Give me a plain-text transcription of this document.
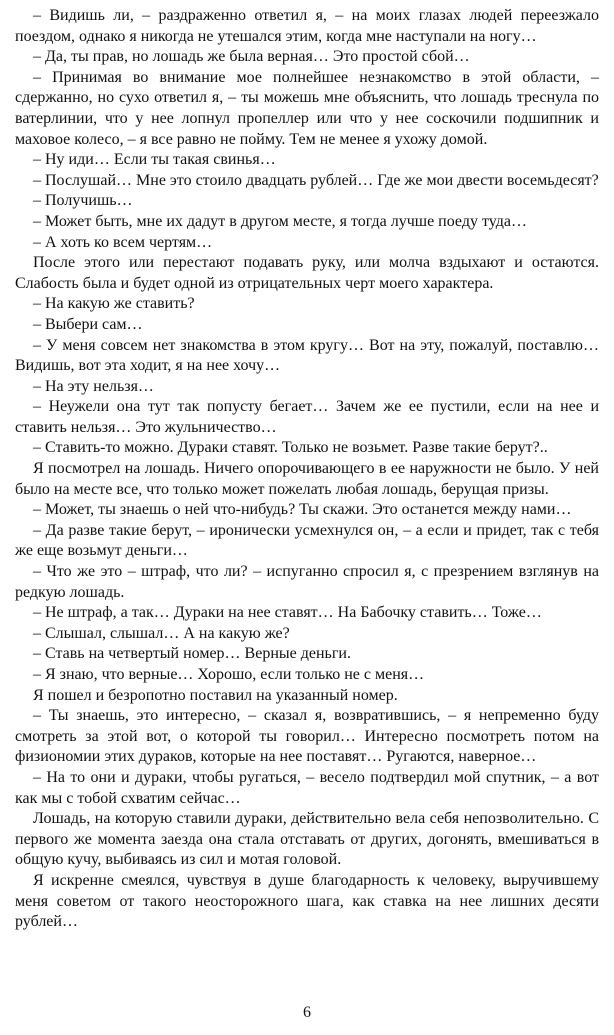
– Видишь ли, – раздраженно ответил я, – на моих глазах людей переезжало поездом, однако я никогда не утешался этим, когда мне наступали на ногу…

– Да, ты прав, но лошадь же была верная… Это простой сбой…

– Принимая во внимание мое полнейшее незнакомство в этой области, – сдержанно, но сухо ответил я, – ты можешь мне объяснить, что лошадь треснула по ватерлинии, что у нее лопнул пропеллер или что у нее соскочили подшипник и маховое колесо, – я все равно не пойму. Тем не менее я ухожу домой.

– Ну иди… Если ты такая свинья…

– Послушай… Мне это стоило двадцать рублей… Где же мои двести восемьдесят?

– Получишь…

– Может быть, мне их дадут в другом месте, я тогда лучше поеду туда…

– А хоть ко всем чертям…

После этого или перестают подавать руку, или молча вздыхают и остаются. Слабость была и будет одной из отрицательных черт моего характера.

– На какую же ставить?

– Выбери сам…

– У меня совсем нет знакомства в этом кругу… Вот на эту, пожалуй, поставлю… Видишь, вот эта ходит, я на нее хочу…

– На эту нельзя…

– Неужели она тут так попусту бегает… Зачем же ее пустили, если на нее и ставить нельзя… Это жульничество…

– Ставить-то можно. Дураки ставят. Только не возьмет. Разве такие берут?..

Я посмотрел на лошадь. Ничего опорочивающего в ее наружности не было. У ней было на месте все, что только может пожелать любая лошадь, берущая призы.

– Может, ты знаешь о ней что-нибудь? Ты скажи. Это останется между нами…

– Да разве такие берут, – иронически усмехнулся он, – а если и придет, так с тебя же еще возьмут деньги…

– Что же это – штраф, что ли? – испуганно спросил я, с презрением взглянув на редкую лошадь.

– Не штраф, а так… Дураки на нее ставят… На Бабочку ставить… Тоже…

– Слышал, слышал… А на какую же?

– Ставь на четвертый номер… Верные деньги.

– Я знаю, что верные… Хорошо, если только не с меня…

Я пошел и безропотно поставил на указанный номер.

– Ты знаешь, это интересно, – сказал я, возвратившись, – я непременно буду смотреть за этой вот, о которой ты говорил… Интересно посмотреть потом на физиономии этих дураков, которые на нее поставят… Ругаются, наверное…

– На то они и дураки, чтобы ругаться, – весело подтвердил мой спутник, – а вот как мы с тобой схватим сейчас…

Лошадь, на которую ставили дураки, действительно вела себя непозволительно. С первого же момента заезда она стала отставать от других, догонять, вмешиваться в общую кучу, выбиваясь из сил и мотая головой.

Я искренне смеялся, чувствуя в душе благодарность к человеку, выручившему меня советом от такого неосторожного шага, как ставка на нее лишних десяти рублей…

6
